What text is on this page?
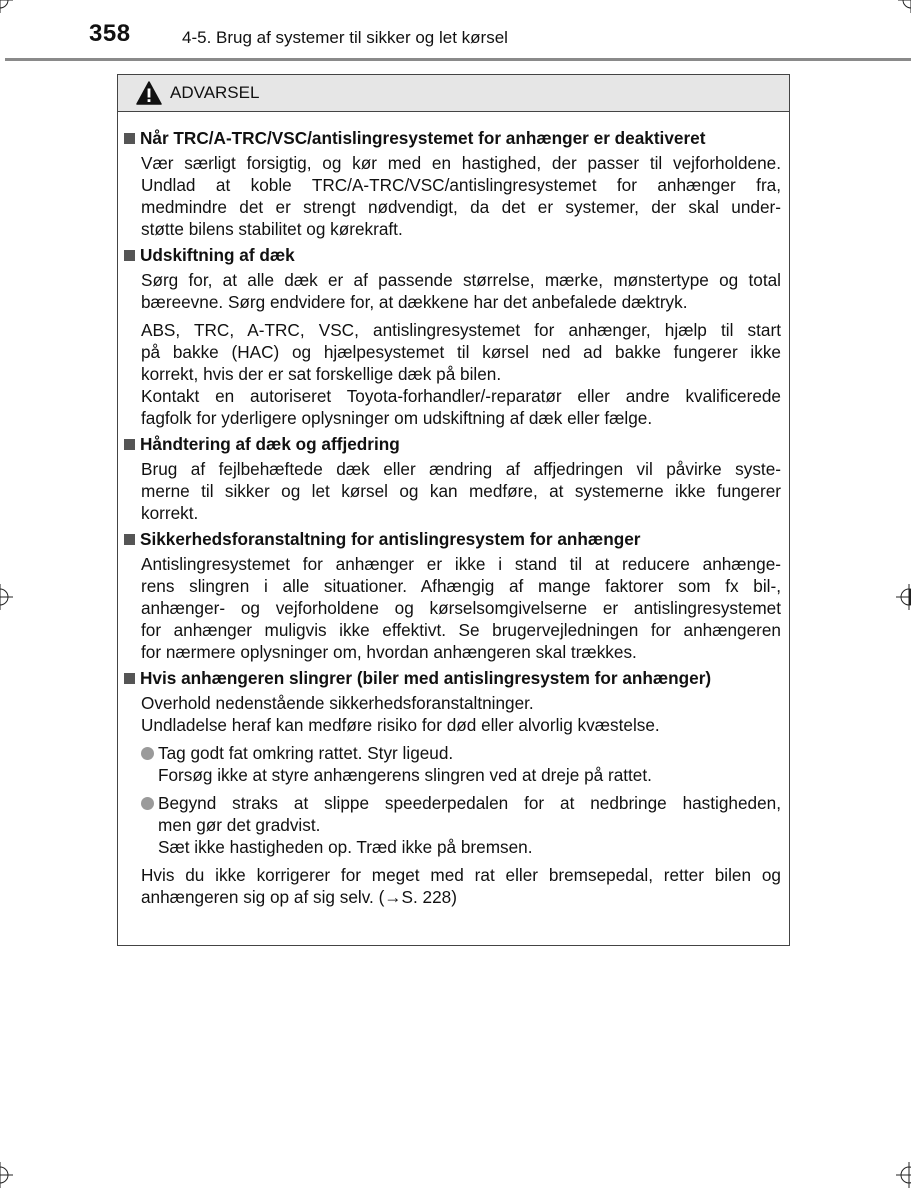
358	4-5. Brug af systemer til sikker og let kørsel
ADVARSEL
Når TRC/A-TRC/VSC/antislingresystemet for anhænger er deaktiveret
Vær særligt forsigtig, og kør med en hastighed, der passer til vejforholdene.
Undlad at koble TRC/A-TRC/VSC/antislingresystemet for anhænger fra,
medmindre det er strengt nødvendigt, da det er systemer, der skal under-
støtte bilens stabilitet og kørekraft.
Udskiftning af dæk
Sørg for, at alle dæk er af passende størrelse, mærke, mønstertype og total
bæreevne. Sørg endvidere for, at dækkene har det anbefalede dæktryk.
ABS, TRC, A-TRC, VSC, antislingresystemet for anhænger, hjælp til start
på bakke (HAC) og hjælpesystemet til kørsel ned ad bakke fungerer ikke
korrekt, hvis der er sat forskellige dæk på bilen.
Kontakt en autoriseret Toyota-forhandler/-reparatør eller andre kvalificerede
fagfolk for yderligere oplysninger om udskiftning af dæk eller fælge.
Håndtering af dæk og affjedring
Brug af fejlbehæftede dæk eller ændring af affjedringen vil påvirke syste-
merne til sikker og let kørsel og kan medføre, at systemerne ikke fungerer
korrekt.
Sikkerhedsforanstaltning for antislingresystem for anhænger
Antislingresystemet for anhænger er ikke i stand til at reducere anhænge-
rens slingren i alle situationer. Afhængig af mange faktorer som fx bil-,
anhænger- og vejforholdene og kørselsomgivelserne er antislingresystemet
for anhænger muligvis ikke effektivt. Se brugervejledningen for anhængeren
for nærmere oplysninger om, hvordan anhængeren skal trækkes.
Hvis anhængeren slingrer (biler med antislingresystem for anhænger)
Overhold nedenstående sikkerhedsforanstaltninger.
Undladelse heraf kan medføre risiko for død eller alvorlig kvæstelse.
Tag godt fat omkring rattet. Styr ligeud.
Forsøg ikke at styre anhængerens slingren ved at dreje på rattet.
Begynd straks at slippe speederpedalen for at nedbringe hastigheden,
men gør det gradvist.
Sæt ikke hastigheden op. Træd ikke på bremsen.
Hvis du ikke korrigerer for meget med rat eller bremsepedal, retter bilen og
anhængeren sig op af sig selv. (→S. 228)
